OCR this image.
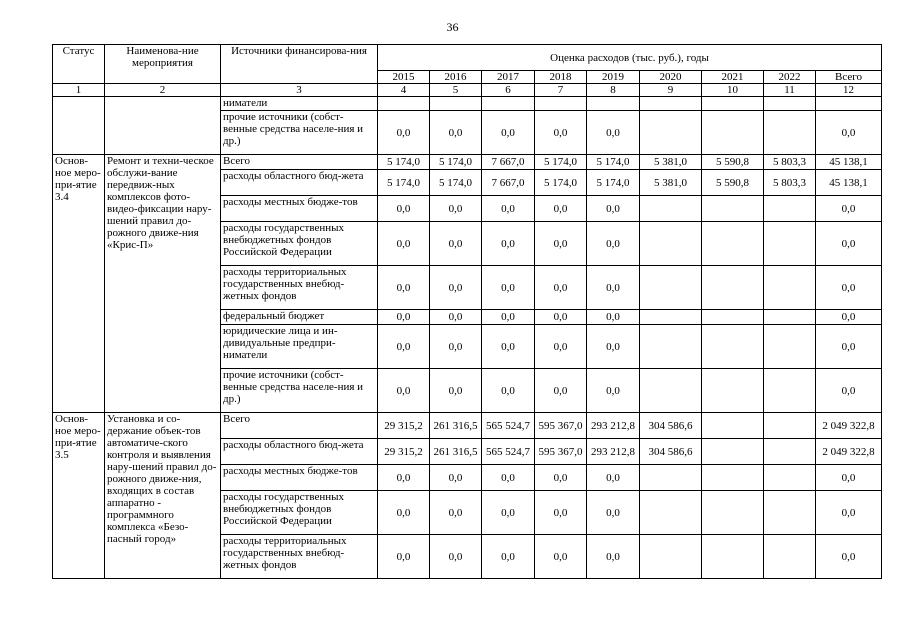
36
Статус	Наименова-ние мероприятия	Источники финансирова-ния	Оценка расходов (тыс. руб.), годы								
			2015	2016	2017	2018	2019	2020	2021	2022	Всего
1	2	3	4	5	6	7	8	9	10	11	12
		ниматели									
		прочие источники (собст-венные средства населе-ния и др.)	0,0	0,0	0,0	0,0	0,0				0,0
Основ-ное меро-при-ятие 3.4	Ремонт и техни-ческое обслужи-вание передвиж-ных комплексов фото-видео-фиксации нару-шений правил до-рожного движе-ния «Крис-П»	Всего	5 174,0	5 174,0	7 667,0	5 174,0	5 174,0	5 381,0	5 590,8	5 803,3	45 138,1
		расходы областного бюд-жета	5 174,0	5 174,0	7 667,0	5 174,0	5 174,0	5 381,0	5 590,8	5 803,3	45 138,1
		расходы местных бюдже-тов	0,0	0,0	0,0	0,0	0,0				0,0
		расходы государственных внебюджетных фондов Российской Федерации	0,0	0,0	0,0	0,0	0,0				0,0
		расходы территориальных государственных внебюд-жетных фондов	0,0	0,0	0,0	0,0	0,0				0,0
		федеральный бюджет	0,0	0,0	0,0	0,0	0,0				0,0
		юридические лица и ин-дивидуальные предпри-ниматели	0,0	0,0	0,0	0,0	0,0				0,0
		прочие источники (собст-венные средства населе-ния и др.)	0,0	0,0	0,0	0,0	0,0				0,0
Основ-ное меро-при-ятие 3.5	Установка и со-держание объек-тов автоматиче-ского контроля и выявления нару-шений правил до-рожного движе-ния, входящих в состав аппаратно - программного комплекса «Безо-пасный город»	Всего	29 315,2	261 316,5	565 524,7	595 367,0	293 212,8	304 586,6			2 049 322,8
		расходы областного бюд-жета	29 315,2	261 316,5	565 524,7	595 367,0	293 212,8	304 586,6			2 049 322,8
		расходы местных бюдже-тов	0,0	0,0	0,0	0,0	0,0				0,0
		расходы государственных внебюджетных фондов Российской Федерации	0,0	0,0	0,0	0,0	0,0				0,0
		расходы территориальных государственных внебюд-жетных фондов	0,0	0,0	0,0	0,0	0,0				0,0
